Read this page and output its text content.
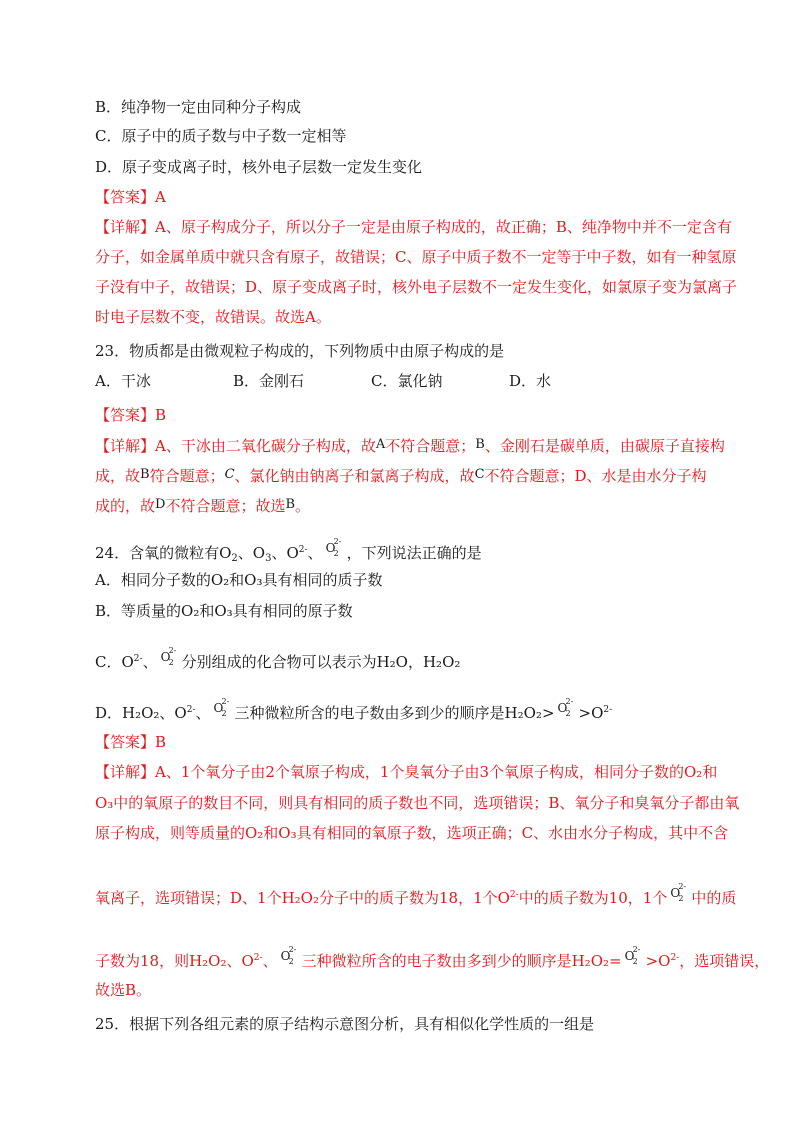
B．纯净物一定由同种分子构成
C．原子中的质子数与中子数一定相等
D．原子变成离子时，核外电子层数一定发生变化
【答案】A
【详解】A、原子构成分子，所以分子一定是由原子构成的，故正确；B、纯净物中并不一定含有
分子，如金属单质中就只含有原子，故错误；C、原子中质子数不一定等于中子数，如有一种氢原
子没有中子，故错误；D、原子变成离子时，核外电子层数不一定发生变化，如氯原子变为氯离子
时电子层数不变，故错误。故选A。
23．物质都是由微观粒子构成的，下列物质中由原子构成的是
A．干冰	B．金刚石	C．氯化钠	D．水
【答案】B
【详解】A、干冰由二氧化碳分子构成，故A不符合题意；B、金刚石是碳单质，由碳原子直接构
成，故B符合题意；C、氯化钠由钠离子和氯离子构成，故C不符合题意；D、水是由水分子构
成的，故D不符合题意；故选B。
24．含氧的微粒有$O_2$、$O_3$、$O^{2-}$、 O
2-
2 ，下列说法正确的是
A．相同分子数的O₂和O₃具有相同的质子数
B．等质量的O₂和O₃具有相同的原子数
C．$O^{2-}$、 O
2-
2 分别组成的化合物可以表示为H₂O，H₂O₂
D．H₂O₂、$O^{2-}$、 O
2-
2 三种微粒所含的电子数由多到少的顺序是H₂O₂> O
2-
$2 >O^{2-}$
【答案】B
【详解】A、1个氧分子由2个氧原子构成，1个臭氧分子由3个氧原子构成，相同分子数的O₂和
O₃中的氧原子的数目不同，则具有相同的质子数也不同，选项错误；B、氧分子和臭氧分子都由氧
原子构成，则等质量的O₂和O₃具有相同的氧原子数，选项正确；C、水由水分子构成，其中不含
氧离子，选项错误；D、1个H₂O₂分子中的质子数为18，1个$O^{2-}$中的质子数为10，1个 O
2-
2 中的质
子数为18，则H₂O₂、$O^{2-}$、 O
2-
2 三种微粒所含的电子数由多到少的顺序是H₂O₂= O
2-
$2 >O^{2-}$，选项错误，
故选B。
25．根据下列各组元素的原子结构示意图分析，具有相似化学性质的一组是
